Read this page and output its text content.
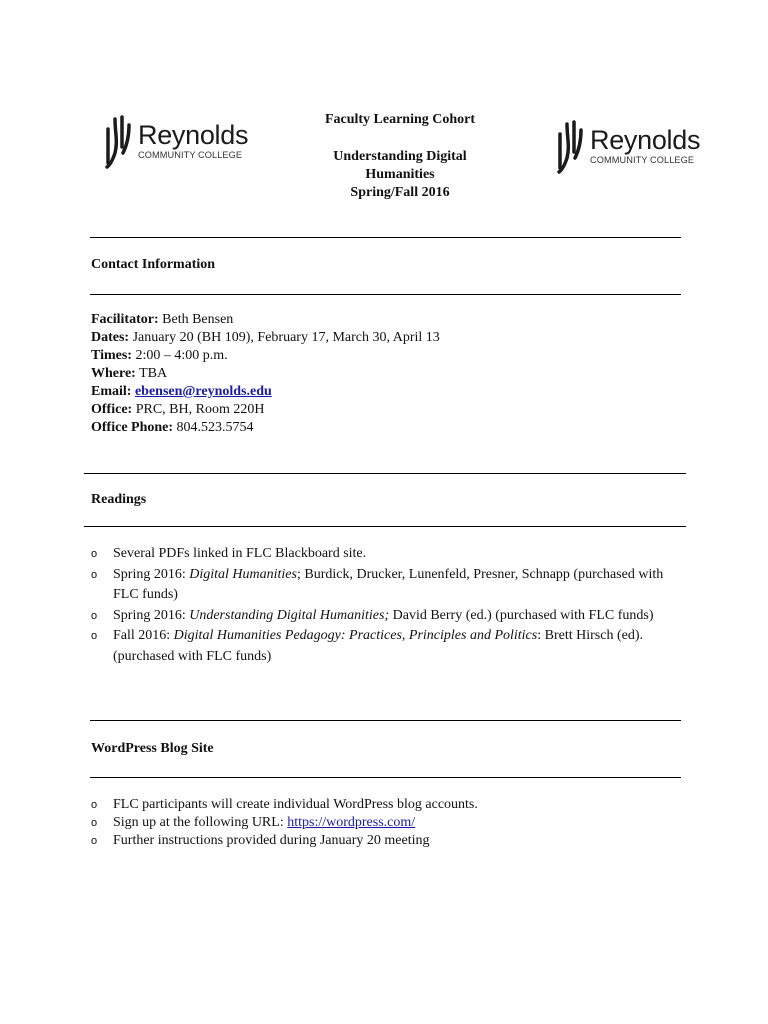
Reynolds
COMMUNITY COLLEGE	Reynolds
COMMUNITY COLLEGE
Faculty Learning Cohort
Understanding Digital
Humanities
Spring/Fall 2016
Contact Information
Facilitator: Beth Bensen
Dates: January 20 (BH 109), February 17, March 30, April 13
Times: 2:00 – 4:00 p.m.
Where: TBA
Email: ebensen@reynolds.edu
Office: PRC, BH, Room 220H
Office Phone: 804.523.5754
Readings
o Several PDFs linked in FLC Blackboard site.
o Spring 2016: Digital Humanities; Burdick, Drucker, Lunenfeld, Presner, Schnapp (purchased with FLC funds)
o Spring 2016: Understanding Digital Humanities; David Berry (ed.) (purchased with FLC funds)
o Fall 2016: Digital Humanities Pedagogy: Practices, Principles and Politics: Brett Hirsch (ed). (purchased with FLC funds)
WordPress Blog Site
o FLC participants will create individual WordPress blog accounts.
o Sign up at the following URL: https://wordpress.com/
o Further instructions provided during January 20 meeting
